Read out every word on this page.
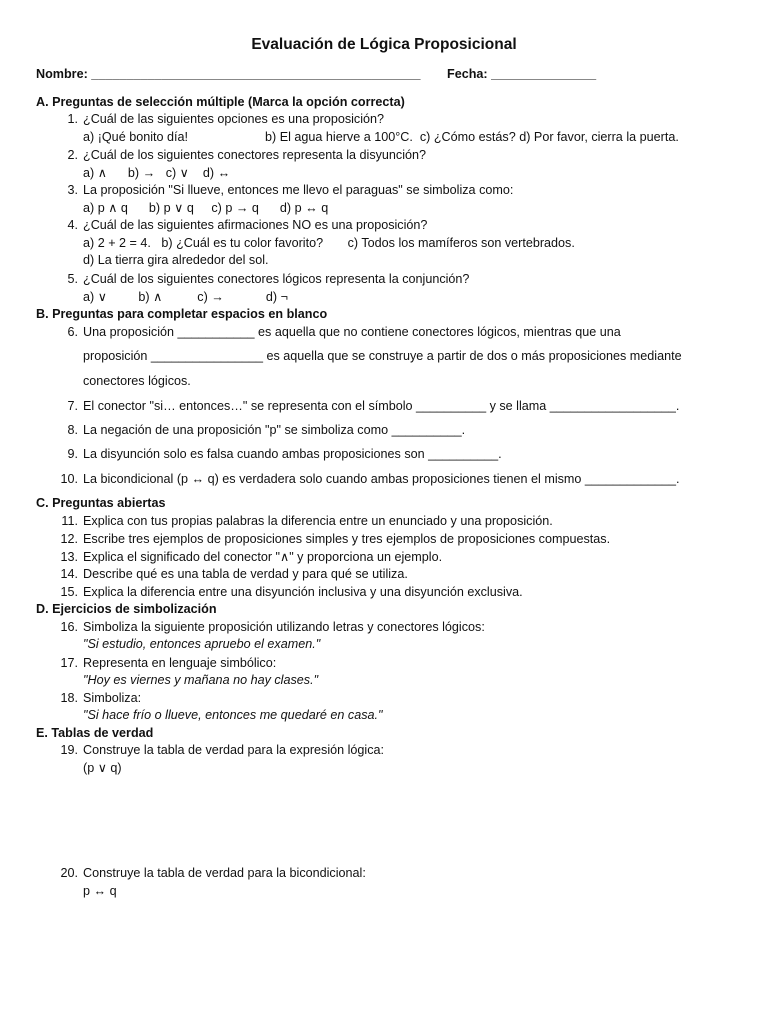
Evaluación de Lógica Proposicional
Nombre: _______________________________________________ Fecha: _______________
A. Preguntas de selección múltiple (Marca la opción correcta)
1. ¿Cuál de las siguientes opciones es una proposición?
a) ¡Qué bonito día!	b) El agua hierve a 100°C.  c) ¿Cómo estás? d) Por favor, cierra la puerta.
2. ¿Cuál de los siguientes conectores representa la disyunción?
a) ∧      b) →   c) ∨    d) ↔
3. La proposición "Si llueve, entonces me llevo el paraguas" se simboliza como:
a) p ∧ q      b) p ∨ q     c) p → q      d) p ↔ q
4. ¿Cuál de las siguientes afirmaciones NO es una proposición?
a) 2 + 2 = 4.   b) ¿Cuál es tu color favorito?       c) Todos los mamíferos son vertebrados.
d) La tierra gira alrededor del sol.
5. ¿Cuál de los siguientes conectores lógicos representa la conjunción?
a) ∨         b) ∧          c) →            d) ¬
B. Preguntas para completar espacios en blanco
6. Una proposición ___________ es aquella que no contiene conectores lógicos, mientras que una
proposición ________________ es aquella que se construye a partir de dos o más proposiciones mediante
conectores lógicos.
7. El conector "si… entonces…" se representa con el símbolo __________ y se llama __________________.
8. La negación de una proposición "p" se simboliza como __________.
9. La disyunción solo es falsa cuando ambas proposiciones son __________.
10. La bicondicional (p ↔ q) es verdadera solo cuando ambas proposiciones tienen el mismo _____________.
C. Preguntas abiertas
11. Explica con tus propias palabras la diferencia entre un enunciado y una proposición.
12. Escribe tres ejemplos de proposiciones simples y tres ejemplos de proposiciones compuestas.
13. Explica el significado del conector "∧" y proporciona un ejemplo.
14. Describe qué es una tabla de verdad y para qué se utiliza.
15. Explica la diferencia entre una disyunción inclusiva y una disyunción exclusiva.
D. Ejercicios de simbolización
16. Simboliza la siguiente proposición utilizando letras y conectores lógicos:
"Si estudio, entonces apruebo el examen."
17. Representa en lenguaje simbólico:
"Hoy es viernes y mañana no hay clases."
18. Simboliza:
"Si hace frío o llueve, entonces me quedaré en casa."
E. Tablas de verdad
19. Construye la tabla de verdad para la expresión lógica:
(p ∨ q)
20. Construye la tabla de verdad para la bicondicional:
p ↔ q
